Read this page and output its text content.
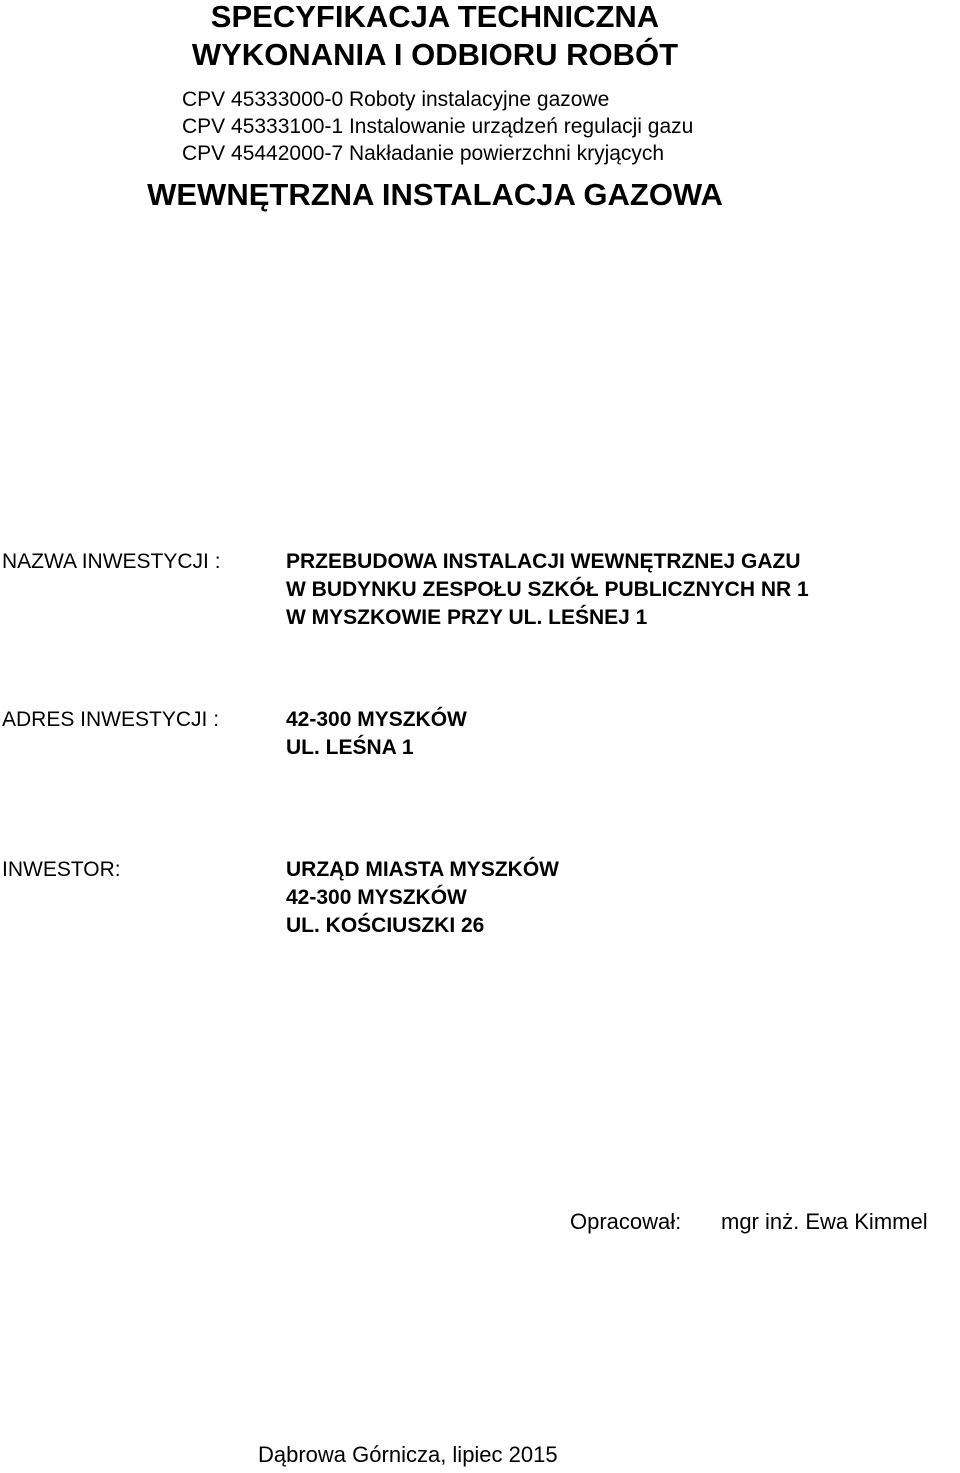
SPECYFIKACJA TECHNICZNA
WYKONANIA I ODBIORU ROBÓT
WEWNĘTRZNA INSTALACJA GAZOWA
CPV 45333000-0 Roboty instalacyjne gazowe
CPV 45333100-1 Instalowanie urządzeń regulacji gazu
CPV 45442000-7 Nakładanie powierzchni kryjących
NAZWA INWESTYCJI :	PRZEBUDOWA INSTALACJI WEWNĘTRZNEJ GAZU
W BUDYNKU ZESPOŁU SZKÓŁ PUBLICZNYCH NR 1
W MYSZKOWIE PRZY UL. LEŚNEJ 1
ADRES INWESTYCJI :	42-300 MYSZKÓW
UL. LEŚNA 1
INWESTOR:	URZĄD MIASTA MYSZKÓW
42-300 MYSZKÓW
UL. KOŚCIUSZKI 26
Opracował: mgr inż. Ewa Kimmel
Dąbrowa Górnicza, lipiec 2015
